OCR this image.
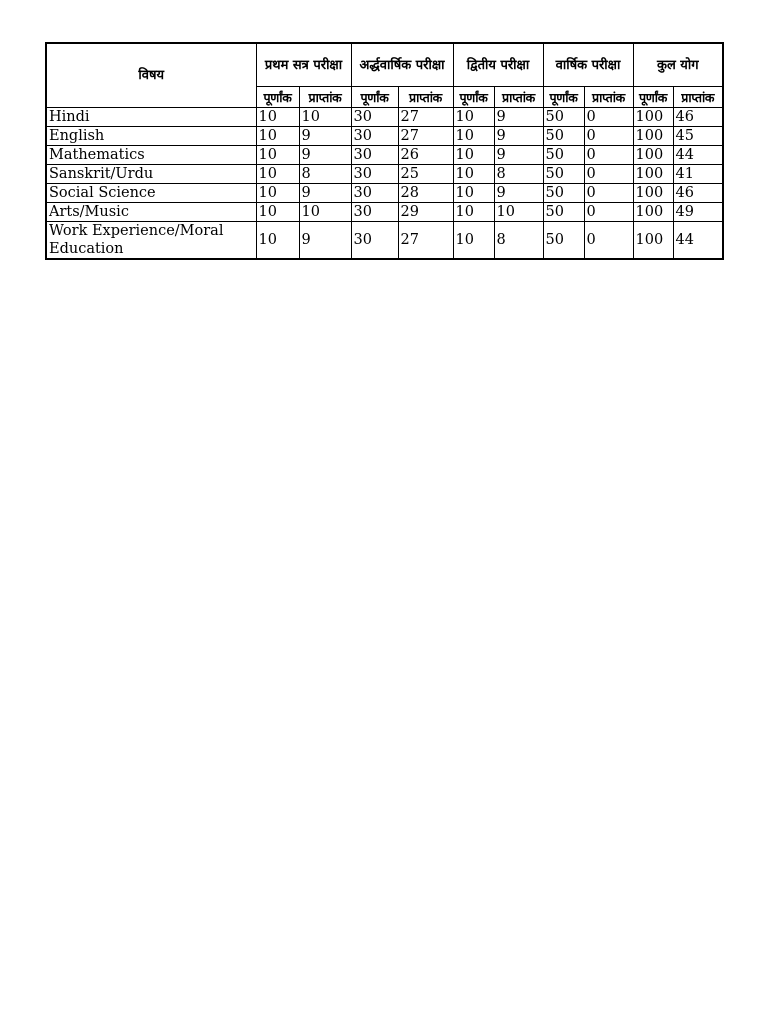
विषय	प्रथम सत्र परीक्षा		अर्द्धवार्षिक परीक्षा		द्वितीय परीक्षा		वार्षिक परीक्षा		कुल योग	
	पूर्णांक	प्राप्तांक	पूर्णांक	प्राप्तांक	पूर्णांक	प्राप्तांक	पूर्णांक	प्राप्तांक	पूर्णांक	प्राप्तांक
Hindi	10	10	30	27	10	9	50	0	100	46
English	10	9	30	27	10	9	50	0	100	45
Mathematics	10	9	30	26	10	9	50	0	100	44
Sanskrit/Urdu	10	8	30	25	10	8	50	0	100	41
Social Science	10	9	30	28	10	9	50	0	100	46
Arts/Music	10	10	30	29	10	10	50	0	100	49
Work Experience/Moral Education	10	9	30	27	10	8	50	0	100	44
